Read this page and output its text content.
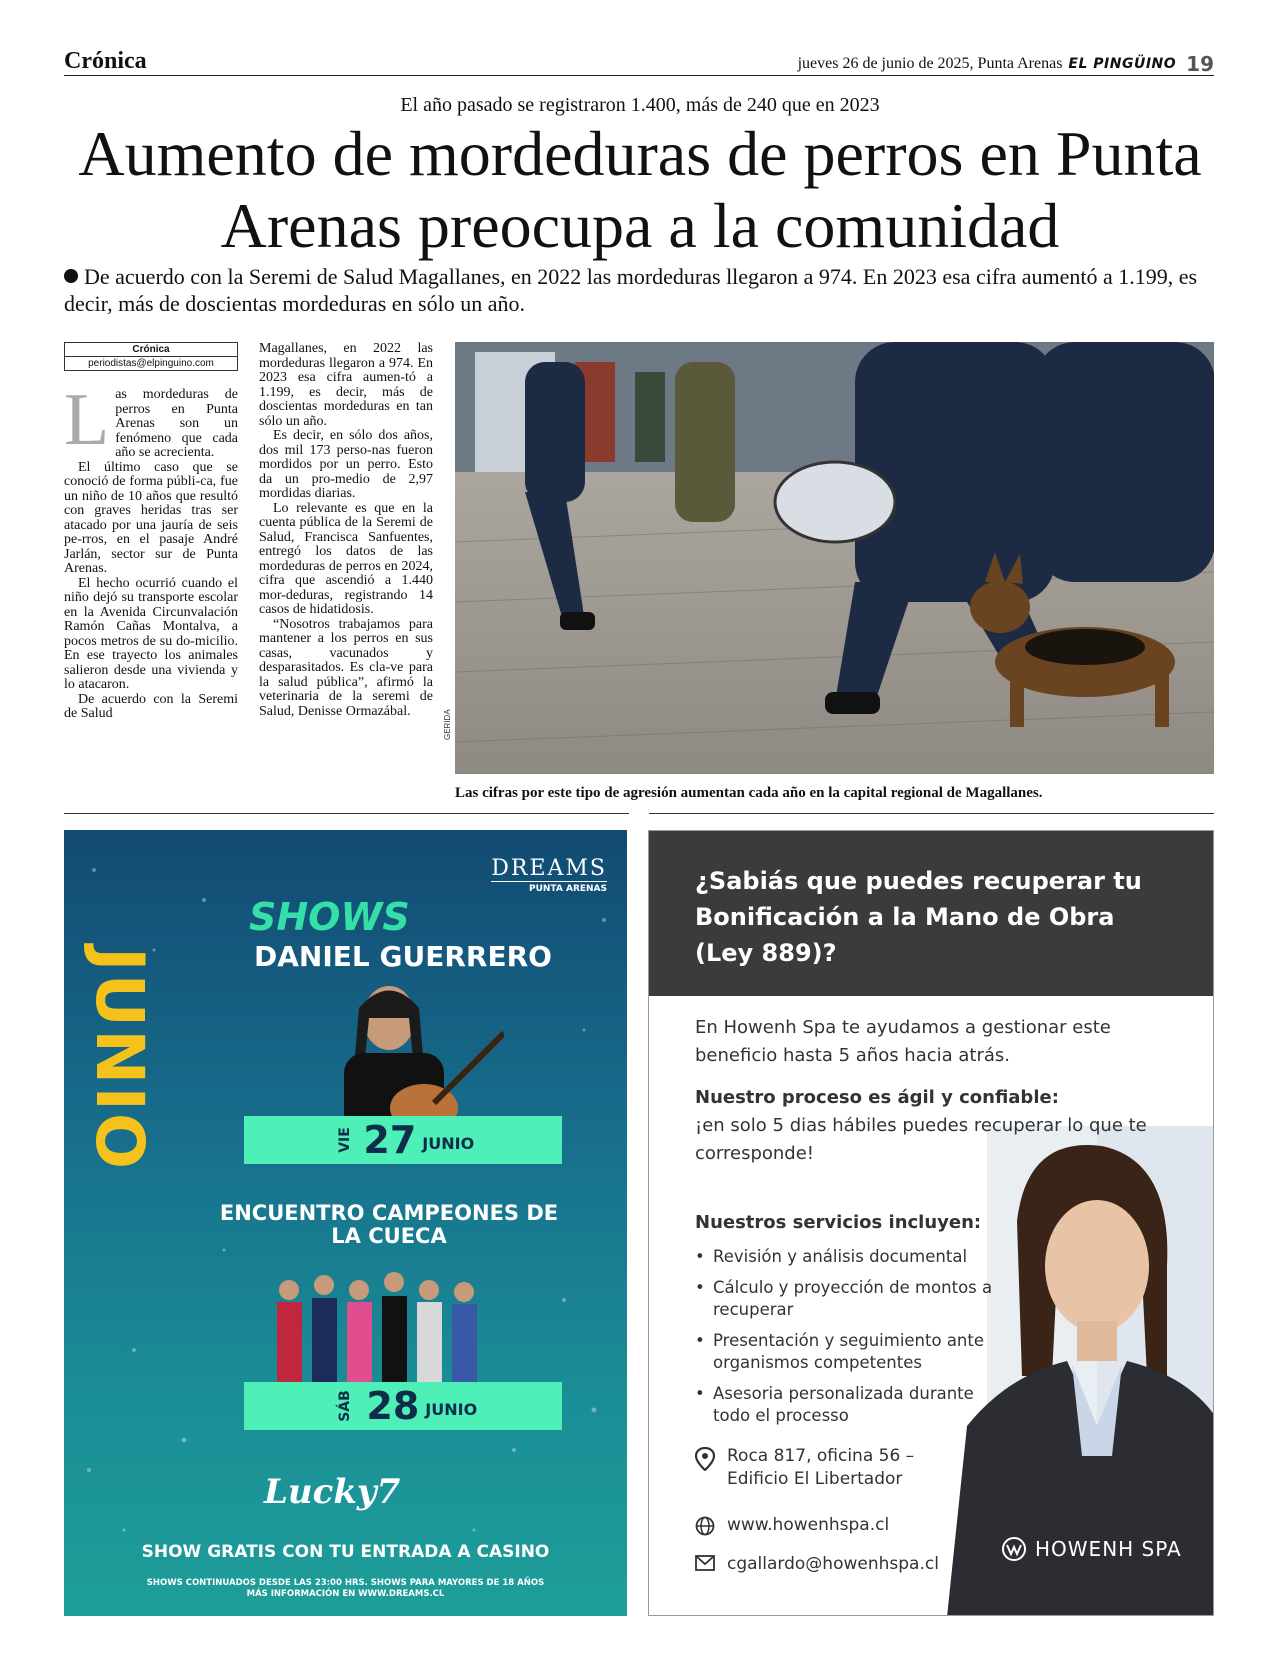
Crónica	jueves 26 de junio de 2025, Punta Arenas EL PINGÜINO 19
El año pasado se registraron 1.400, más de 240 que en 2023
Aumento de mordeduras de perros en Punta Arenas preocupa a la comunidad
De acuerdo con la Seremi de Salud Magallanes, en 2022 las mordeduras llegaron a 974. En 2023 esa cifra aumentó a 1.199, es decir, más de doscientas mordeduras en sólo un año.
Crónica
periodistas@elpinguino.com
L as mordeduras de perros en Punta Arenas son un fenómeno que cada año se acrecienta.

El último caso que se conoció de forma públi-ca, fue un niño de 10 años que resultó con graves heridas tras ser atacado por una jauría de seis pe-rros, en el pasaje André Jarlán, sector sur de Punta Arenas.

El hecho ocurrió cuando el niño dejó su transporte escolar en la Avenida Circunvalación Ramón Cañas Montalva, a pocos metros de su do-micilio. En ese trayecto los animales salieron desde una vivienda y lo atacaron.

De acuerdo con la Seremi de Salud

Magallanes, en 2022 las mordeduras llegaron a 974. En 2023 esa cifra aumen-tó a 1.199, es decir, más de doscientas mordeduras en tan sólo un año.

Es decir, en sólo dos años, dos mil 173 perso-nas fueron mordidos por un perro. Esto da un pro-medio de 2,97 mordidas diarias.

Lo relevante es que en la cuenta pública de la Seremi de Salud, Francisca Sanfuentes, entregó los datos de las mordeduras de perros en 2024, cifra que ascendió a 1.440 mor-deduras, registrando 14 casos de hidatidosis.

“Nosotros trabajamos para mantener a los perros en sus casas, vacunados y desparasitados. Es cla-ve para la salud pública”, afirmó la veterinaria de la seremi de Salud, Denisse Ormazábal.	GERIDA
Las cifras por este tipo de agresión aumentan cada año en la capital regional de Magallanes.
DREAMS
PUNTA ARENAS
JUNIO
SHOWS
DANIEL GUERRERO
VIE 27 JUNIO
ENCUENTRO CAMPEONES DE LA CUECA
SÁB 28 JUNIO
Lucky7
SHOW GRATIS CON TU ENTRADA A CASINO
SHOWS CONTINUADOS DESDE LAS 23:00 HRS. SHOWS PARA MAYORES DE 18 AÑOS
MÁS INFORMACIÓN EN WWW.DREAMS.CL
¿Sabiás que puedes recuperar tu Bonificación a la Mano de Obra (Ley 889)?
En Howenh Spa te ayudamos a gestionar este beneficio hasta 5 años hacia atrás.
Nuestro proceso es ágil y confiable:
¡en solo 5 dias hábiles puedes recuperar lo que te corresponde!
Nuestros servicios incluyen:
• Revisión y análisis documental
• Cálculo y proyección de montos a recuperar
• Presentación y seguimiento ante organismos competentes
• Asesoria personalizada durante todo el processo
Roca 817, oficina 56 – Edificio El Libertador
www.howenhspa.cl
cgallardo@howenhspa.cl
HOWENH SPA
